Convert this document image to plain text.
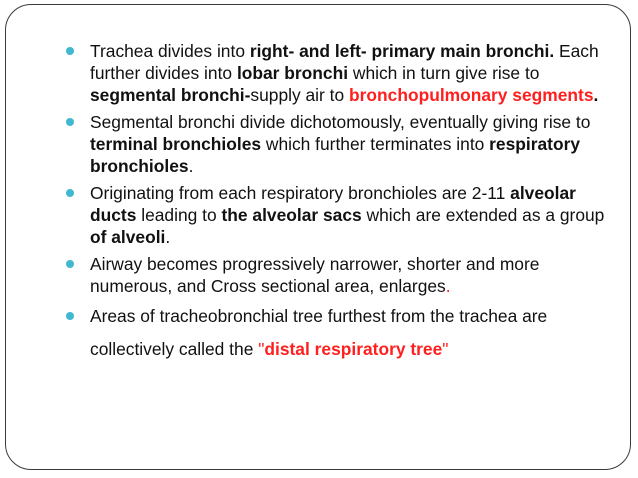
Trachea divides into right- and left- primary main bronchi. Each further divides into lobar bronchi which in turn give rise to segmental bronchi-supply air to bronchopulmonary segments.
Segmental bronchi divide dichotomously, eventually giving rise to terminal bronchioles which further terminates into respiratory bronchioles.
Originating from each respiratory bronchioles are 2-11 alveolar ducts leading to the alveolar sacs which are extended as a group of alveoli.
Airway becomes progressively narrower, shorter and more numerous, and Cross sectional area, enlarges.
Areas of tracheobronchial tree furthest from the trachea are
collectively called the "distal respiratory tree"
